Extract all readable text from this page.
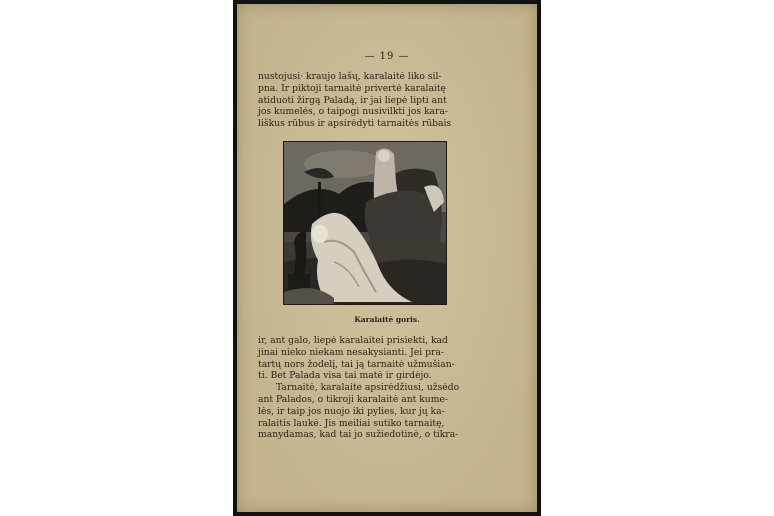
— 19 —

nustojusi· kraujo lašų, karalaitė liko sil-

pna. Ir piktoji tarnaitė privertė karalaitę

atiduoti žirgą Paladą, ir jai liepė lipti ant

jos kumelės, o taipogi nusivilkti jos kara-

liškus rūbus ir apsirėdyti tarnaitės rūbais

Karalaitė goris.

ir, ant galo, liepė karalaitei prisiekti, kad

jinai nieko niekam nesakysianti. Jei pra-

tartų nors žodelį, tai ją tarnaitė užmušian-

ti. Bet Palada visa tai matė ir girdėjo.

Tarnaitė, karalaite apsirėdžiusi, užsėdo

ant Palados, o tikroji karalaitė ant kume-

lės, ir taip jos nuojo iki pylies, kur jų ka-

ralaitis laukė. Jis meiliai sutiko tarnaitę,

manydamas, kad tai jo sužiedotinė, o tikra-
